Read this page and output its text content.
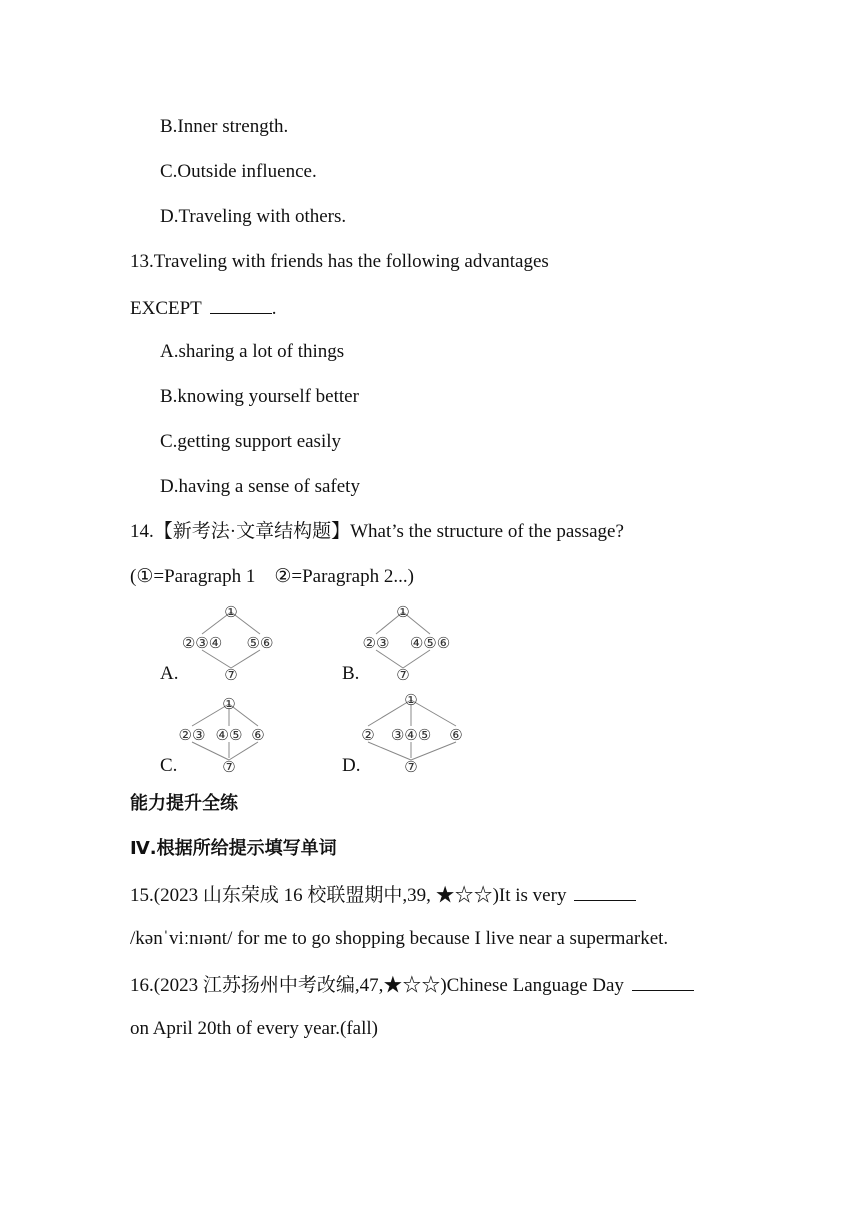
B.Inner strength.
C.Outside influence.
D.Traveling with others.
13.Traveling with friends has the following advantages
EXCEPT	.
A.sharing a lot of things
B.knowing yourself better
C.getting support easily
D.having a sense of safety
14.【新考法·文章结构题】What’s the structure of the passage?
(①=Paragraph 1　②=Paragraph 2...)
①
②③④ ⑤⑥
⑦
A.
①
②③ ④⑤⑥
⑦
B.
①
②③ ④⑤ ⑥
⑦
C.
①
② ③④⑤ ⑥
⑦
D.
能力提升全练
Ⅳ.根据所给提示填写单词
15.(2023 山东荣成 16 校联盟期中,39, ★☆☆)It is very
/kənˈviːnɪənt/ for me to go shopping because I live near a supermarket.
16.(2023 江苏扬州中考改编,47,★☆☆)Chinese Language Day
on April 20th of every year.(fall)
